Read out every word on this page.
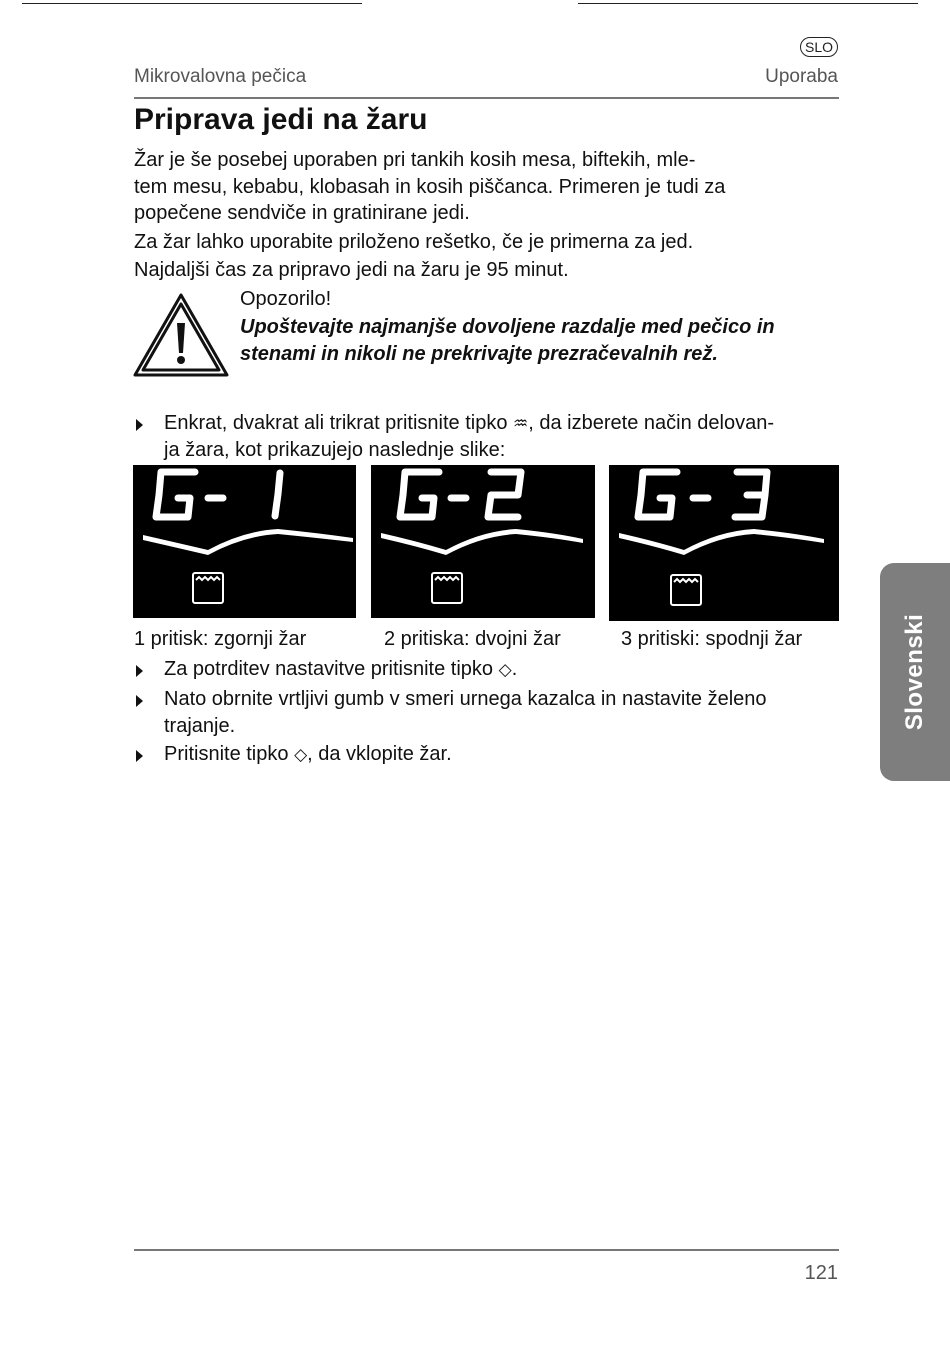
SLO
Mikrovalovna pečica	Uporaba
Priprava jedi na žaru
Žar je še posebej uporaben pri tankih kosih mesa, biftekih, mle-
tem mesu, kebabu, klobasah in kosih piščanca. Primeren je tudi za
popečene sendviče in gratinirane jedi.
Za žar lahko uporabite priloženo rešetko, če je primerna za jed.
Najdaljši čas za pripravo jedi na žaru je 95 minut.
Opozorilo!
Upoštevajte najmanjše dovoljene razdalje med pečico in
stenami in nikoli ne prekrivajte prezračevalnih rež.
Enkrat, dvakrat ali trikrat pritisnite tipko ♒, da izberete način delovan-
ja žara, kot prikazujejo naslednje slike:
1 pritisk: zgornji žar	2 pritiska: dvojni žar	3 pritiski: spodnji žar
Za potrditev nastavitve pritisnite tipko ◇.
Nato obrnite vrtljivi gumb v smeri urnega kazalca in nastavite želeno
trajanje.
Pritisnite tipko ◇, da vklopite žar.
Slovenski
121
